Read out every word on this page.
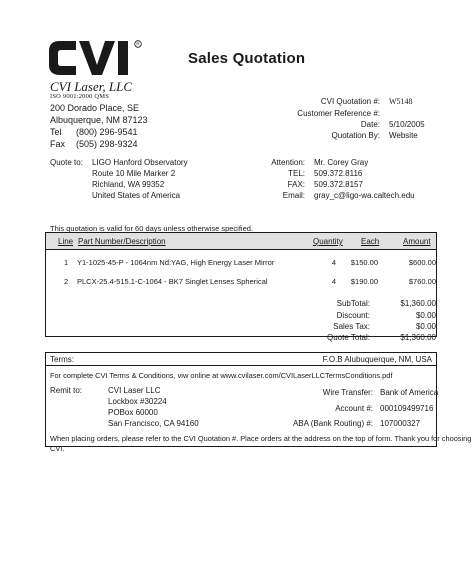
R
CVI Laser, LLC
ISO 9001:2000 QMS
Sales Quotation
200 Dorado Place, SE
Albuquerque, NM 87123
Tel (800) 296-9541
Fax (505) 298-9324
CVI Quotation #: W5148
Customer Reference #:
Date: 5/10/2005
Quotation By: Website
Quote to: LIGO Hanford Observatory
Route 10 Mile Marker 2
Richland, WA 99352
United States of America
Attention: Mr. Corey Gray
TEL: 509.372.8116
FAX: 509.372.8157
Email: gray_c@ligo-wa.caltech.edu
This quotation is valid for 60 days unless otherwise specified.
Line Part Number/Description	Quantity Each	Amount
1 Y1-1025-45-P - 1064nm Nd:YAG, High Energy Laser Mirror	4	$150.00	$600.00
2 PLCX-25.4-515.1-C-1064 - BK7 Singlet Lenses Spherical	4	$190.00	$760.00
SubTotal:	$1,360.00
Discount:	$0.00
Sales Tax:	$0.00
Quote Total:	$1,360.00
Terms:	F.O.B Alubuquerque, NM, USA
For complete CVI Terms & Conditions, viw online at www.cvilaser.com/CVILaserLLCTermsConditions.pdf
Remit to:	CVI Laser LLC
Lockbox #30224
POBox 60000
San Francisco, CA 94160
Wire Transfer: Bank of America
Account #: 000109499716
ABA (Bank Routing) #: 107000327
When placing orders, please refer to the CVI Quotation #. Place orders at the address on the top of form. Thank you for choosing CVI.
